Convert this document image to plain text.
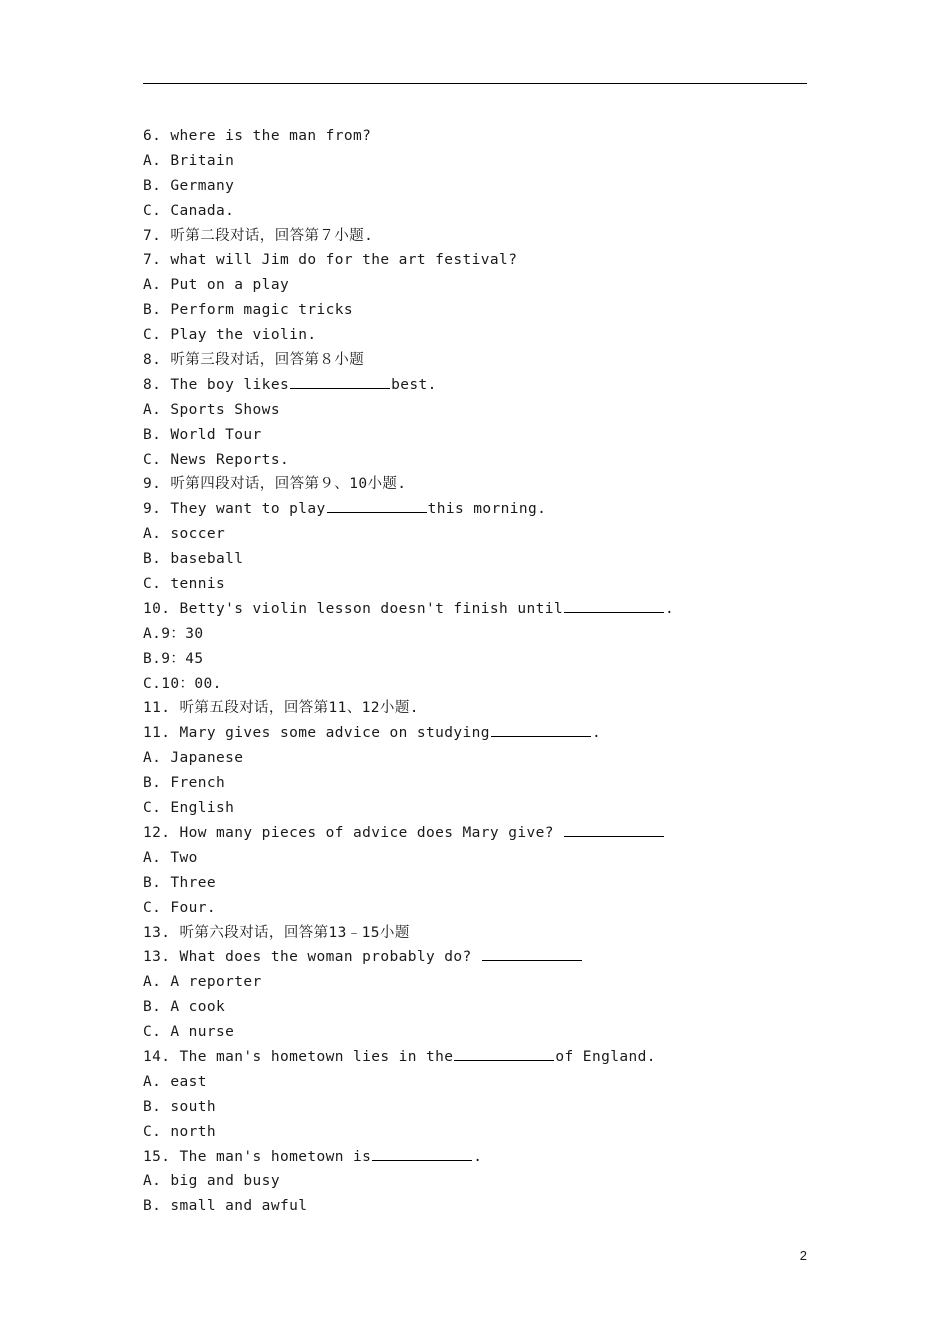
6. where is the man from?
A. Britain
B. Germany
C. Canada.
7. 听第二段对话，回答第７小题.
7. what will Jim do for the art festival?
A. Put on a play
B. Perform magic tricks
C. Play the violin.
8. 听第三段对话，回答第８小题
8. The boy likes	best.
A. Sports Shows
B. World Tour
C. News Reports.
9. 听第四段对话，回答第９、10小题.
9. They want to play	this morning.
A. soccer
B. baseball
C. tennis
10. Betty's violin lesson doesn't finish until	.
A.9：30
B.9：45
C.10：00.
11. 听第五段对话，回答第11、12小题.
11. Mary gives some advice on studying	.
A. Japanese
B. French
C. English
12. How many pieces of advice does Mary give?
A. Two
B. Three
C. Four.
13. 听第六段对话，回答第13﹣15小题
13. What does the woman probably do?
A. A reporter
B. A cook
C. A nurse
14. The man's hometown lies in the	of England.
A. east
B. south
C. north
15. The man's hometown is	.
A. big and busy
B. small and awful
2
